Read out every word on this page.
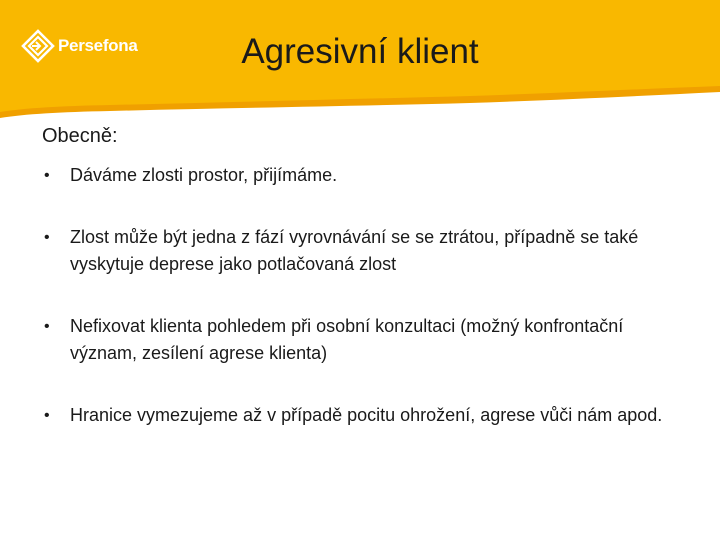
Persefona	Agresivní klient

Obecně:

• Dáváme zlosti prostor, přijímáme.
• Zlost může být jedna z fází vyrovnávání se se ztrátou, případně se také vyskytuje deprese jako potlačovaná zlost
• Nefixovat klienta pohledem při osobní konzultaci (možný konfrontační význam, zesílení agrese klienta)
• Hranice vymezujeme až v případě pocitu ohrožení, agrese vůči nám apod.
